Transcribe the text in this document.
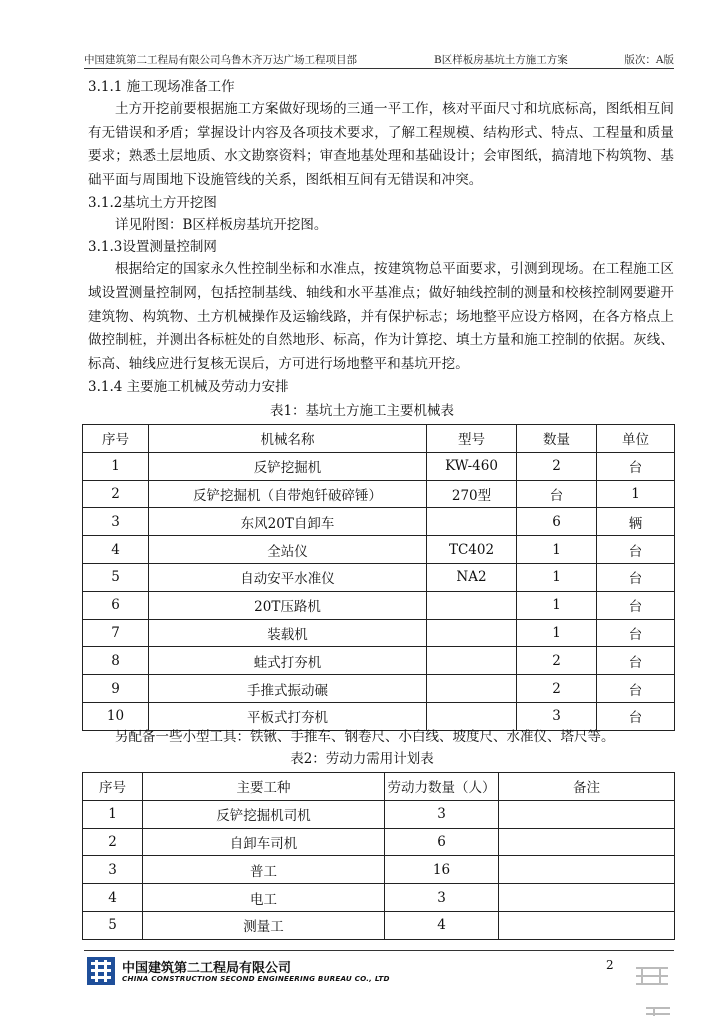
中国建筑第二工程局有限公司乌鲁木齐万达广场工程项目部	B区样板房基坑土方施工方案	版次：A版
3.1.1 施工现场准备工作

土方开挖前要根据施工方案做好现场的三通一平工作，核对平面尺寸和坑底标高，图纸相互间有无错误和矛盾；掌握设计内容及各项技术要求，了解工程规模、结构形式、特点、工程量和质量要求；熟悉土层地质、水文勘察资料；审查地基处理和基础设计；会审图纸，搞清地下构筑物、基础平面与周围地下设施管线的关系，图纸相互间有无错误和冲突。

3.1.2基坑土方开挖图
详见附图：B区样板房基坑开挖图。
3.1.3设置测量控制网

根据给定的国家永久性控制坐标和水准点，按建筑物总平面要求，引测到现场。在工程施工区域设置测量控制网，包括控制基线、轴线和水平基准点；做好轴线控制的测量和校核控制网要避开建筑物、构筑物、土方机械操作及运输线路，并有保护标志；场地整平应设方格网，在各方格点上做控制桩，并测出各标桩处的自然地形、标高，作为计算挖、填土方量和施工控制的依据。灰线、标高、轴线应进行复核无误后，方可进行场地整平和基坑开挖。

3.1.4 主要施工机械及劳动力安排
表1：基坑土方施工主要机械表
序号	机械名称	型号	数量	单位
1	反铲挖掘机	KW-460	2	台
2	反铲挖掘机（自带炮钎破碎锤）	270型	台	1
3	东风20T自卸车		6	辆
4	全站仪	TC402	1	台
5	自动安平水准仪	NA2	1	台
6	20T压路机		1	台
7	装载机		1	台
8	蛙式打夯机		2	台
9	手推式振动碾		2	台
10	平板式打夯机		3	台
另配备一些小型工具：铁锹、手推车、钢卷尺、小白线、坡度尺、水准仪、塔尺等。
表2：劳动力需用计划表
序号	主要工种	劳动力数量（人）	备注
1	反铲挖掘机司机	3	
2	自卸车司机	6	
3	普工	16	
4	电工	3	
5	测量工	4	
中国建筑第二工程局有限公司
CHINA CONSTRUCTION SECOND ENGINEERING BUREAU CO., LTD
2
